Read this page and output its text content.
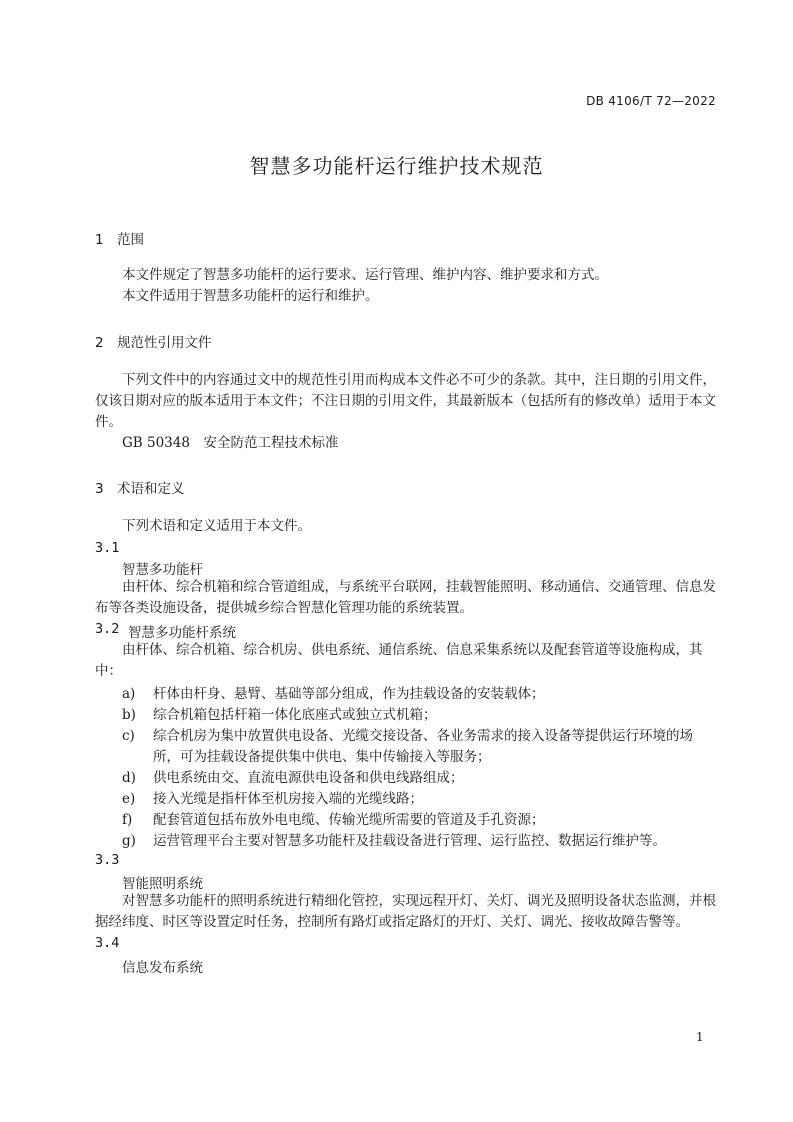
DB 4106/T 72—2022
智慧多功能杆运行维护技术规范
1 范围
本文件规定了智慧多功能杆的运行要求、运行管理、维护内容、维护要求和方式。
本文件适用于智慧多功能杆的运行和维护。
2 规范性引用文件
下列文件中的内容通过文中的规范性引用而构成本文件必不可少的条款。其中，注日期的引用文件，仅该日期对应的版本适用于本文件；不注日期的引用文件，其最新版本（包括所有的修改单）适用于本文件。
GB 50348　安全防范工程技术标准
3 术语和定义
下列术语和定义适用于本文件。
3.1
智慧多功能杆
由杆体、综合机箱和综合管道组成，与系统平台联网，挂载智能照明、移动通信、交通管理、信息发布等各类设施设备，提供城乡综合智慧化管理功能的系统装置。
3.2 智慧多功能杆系统
由杆体、综合机箱、综合机房、供电系统、通信系统、信息采集系统以及配套管道等设施构成，其中：
a) 杆体由杆身、悬臂、基础等部分组成，作为挂载设备的安装载体；
b) 综合机箱包括杆箱一体化底座式或独立式机箱；
c) 综合机房为集中放置供电设备、光缆交接设备、各业务需求的接入设备等提供运行环境的场所，可为挂载设备提供集中供电、集中传输接入等服务；
d) 供电系统由交、直流电源供电设备和供电线路组成；
e) 接入光缆是指杆体至机房接入端的光缆线路；
f) 配套管道包括布放外电电缆、传输光缆所需要的管道及手孔资源；
g) 运营管理平台主要对智慧多功能杆及挂载设备进行管理、运行监控、数据运行维护等。
3.3
智能照明系统
对智慧多功能杆的照明系统进行精细化管控，实现远程开灯、关灯、调光及照明设备状态监测，并根据经纬度、时区等设置定时任务，控制所有路灯或指定路灯的开灯、关灯、调光、接收故障告警等。
3.4
信息发布系统
1
